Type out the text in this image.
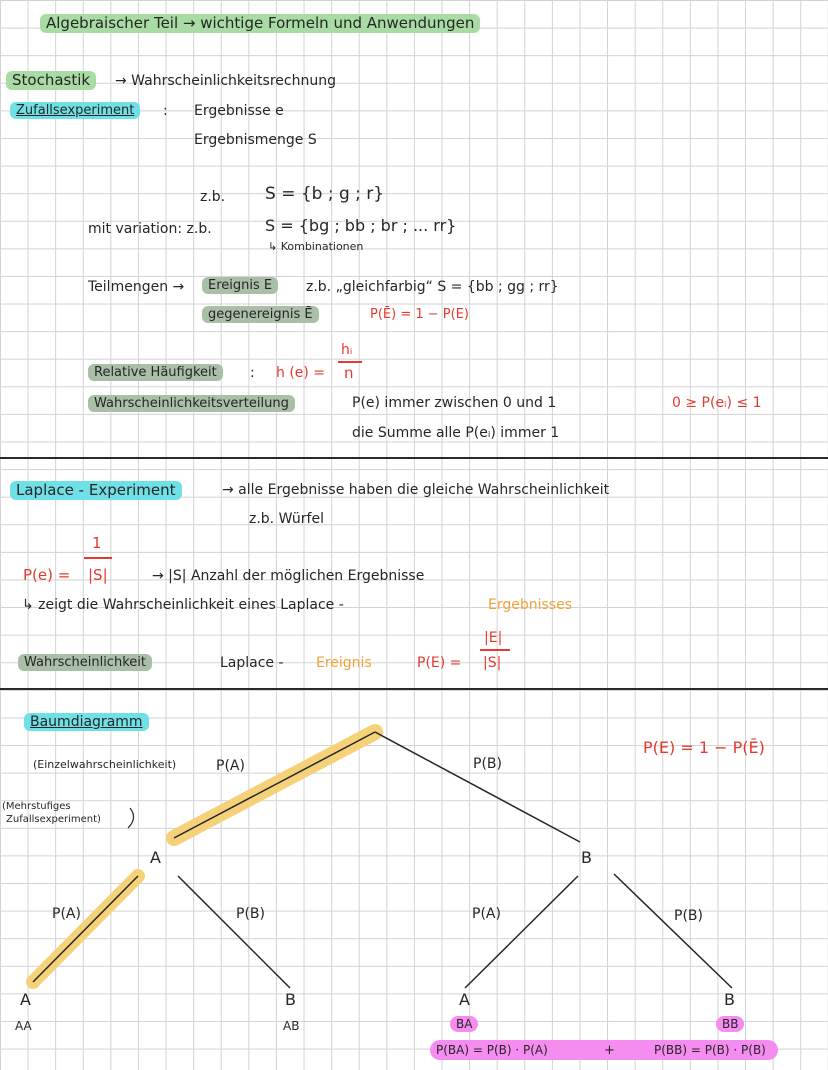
Algebraischer Teil → wichtige Formeln und Anwendungen
Stochastik	→ Wahrscheinlichkeitsrechnung
Zufallsexperiment	: Ergebnisse e
Ergebnismenge S
z.b. S = {b ; g ; r}
mit variation: z.b.	S = {bg ; bb ; br ; ... rr}
↳ Kombinationen
Teilmengen →	Ereignis E	z.b. „gleichfarbig“ S = {bb ; gg ; rr}
gegenereignis Ē	P(Ē) = 1 − P(E)
Relative Häufigkeit	: h (e) =
hᵢ
n
Wahrscheinlichkeitsverteilung	P(e) immer zwischen 0 und 1	0 ≥ P(eᵢ) ≤ 1
die Summe alle P(eᵢ) immer 1
Laplace - Experiment	→ alle Ergebnisse haben die gleiche Wahrscheinlichkeit
z.b. Würfel
P(e) =
1
|S|	→ |S| Anzahl der möglichen Ergebnisse
↳ zeigt die Wahrscheinlichkeit eines Laplace -	Ergebnisses
Wahrscheinlichkeit	Laplace - Ereignis	P(E) =
|E|
|S|
Baumdiagramm
(Einzelwahrscheinlichkeit)	P(A)	P(B)
P(E) = 1 − P(Ē)
(Mehrstufiges
Zufallsexperiment)
A	B
P(A)	P(B)	P(A)	P(B)
A	B	A	B
AA	AB	BA	BB
P(BA) = P(B) · P(A)	+	P(BB) = P(B) · P(B)
